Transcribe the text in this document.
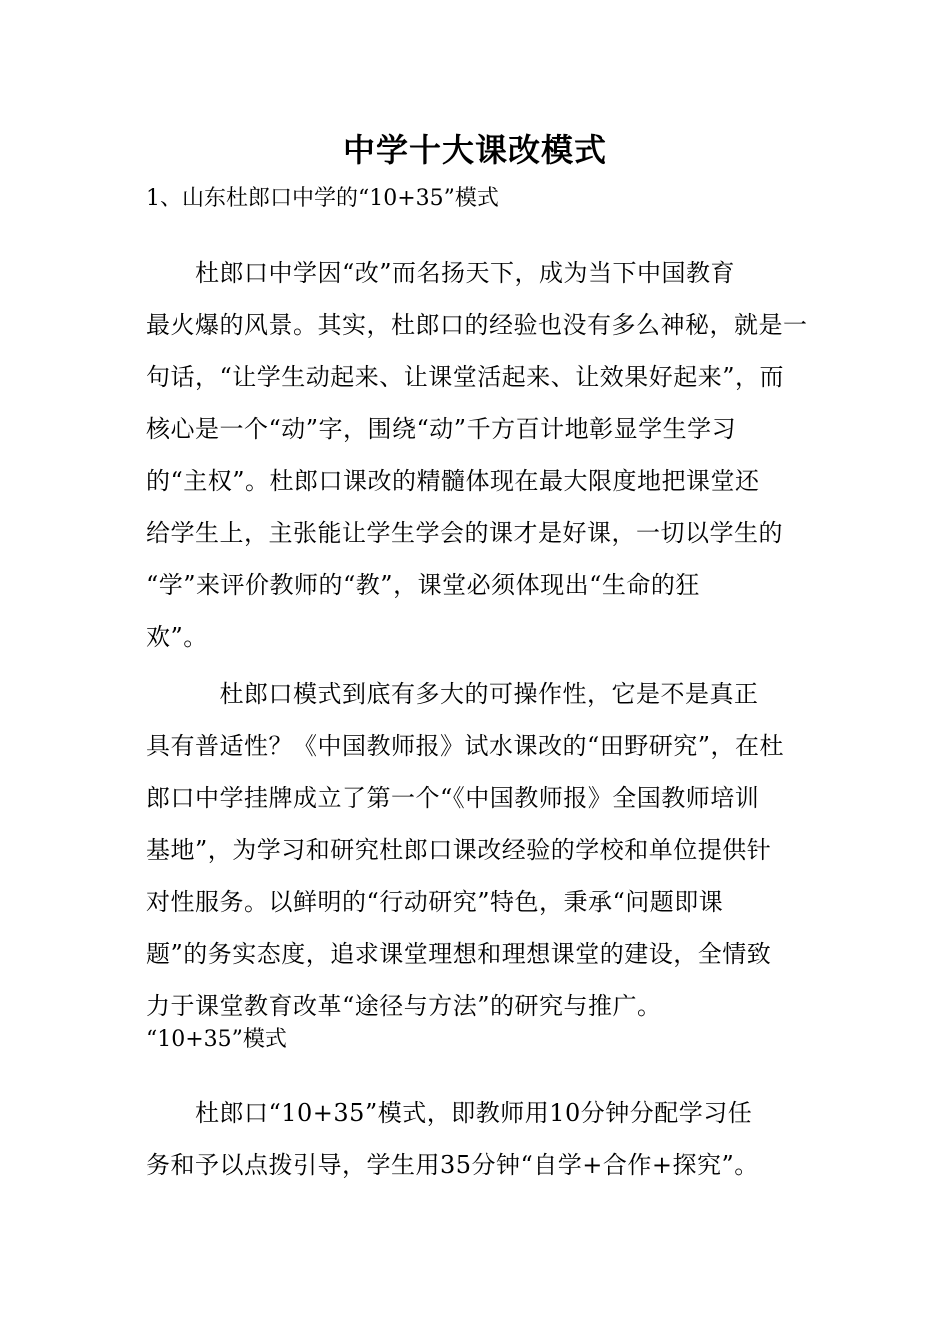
中学十大课改模式
1、山东杜郎口中学的“10+35”模式
　　杜郎口中学因“改”而名扬天下，成为当下中国教育
最火爆的风景。其实，杜郎口的经验也没有多么神秘，就是一
句话，“让学生动起来、让课堂活起来、让效果好起来”，而
核心是一个“动”字，围绕“动”千方百计地彰显学生学习
的“主权”。杜郎口课改的精髓体现在最大限度地把课堂还
给学生上，主张能让学生学会的课才是好课，一切以学生的
“学”来评价教师的“教”，课堂必须体现出“生命的狂
欢”。
　　　杜郎口模式到底有多大的可操作性，它是不是真正
具有普适性？《中国教师报》试水课改的“田野研究”，在杜
郎口中学挂牌成立了第一个“《中国教师报》全国教师培训
基地”，为学习和研究杜郎口课改经验的学校和单位提供针
对性服务。以鲜明的“行动研究”特色，秉承“问题即课
题”的务实态度，追求课堂理想和理想课堂的建设，全情致
力于课堂教育改革“途径与方法”的研究与推广。
“10+35”模式
　　杜郎口“10+35”模式，即教师用10分钟分配学习任
务和予以点拨引导，学生用35分钟“自学+合作+探究”。
